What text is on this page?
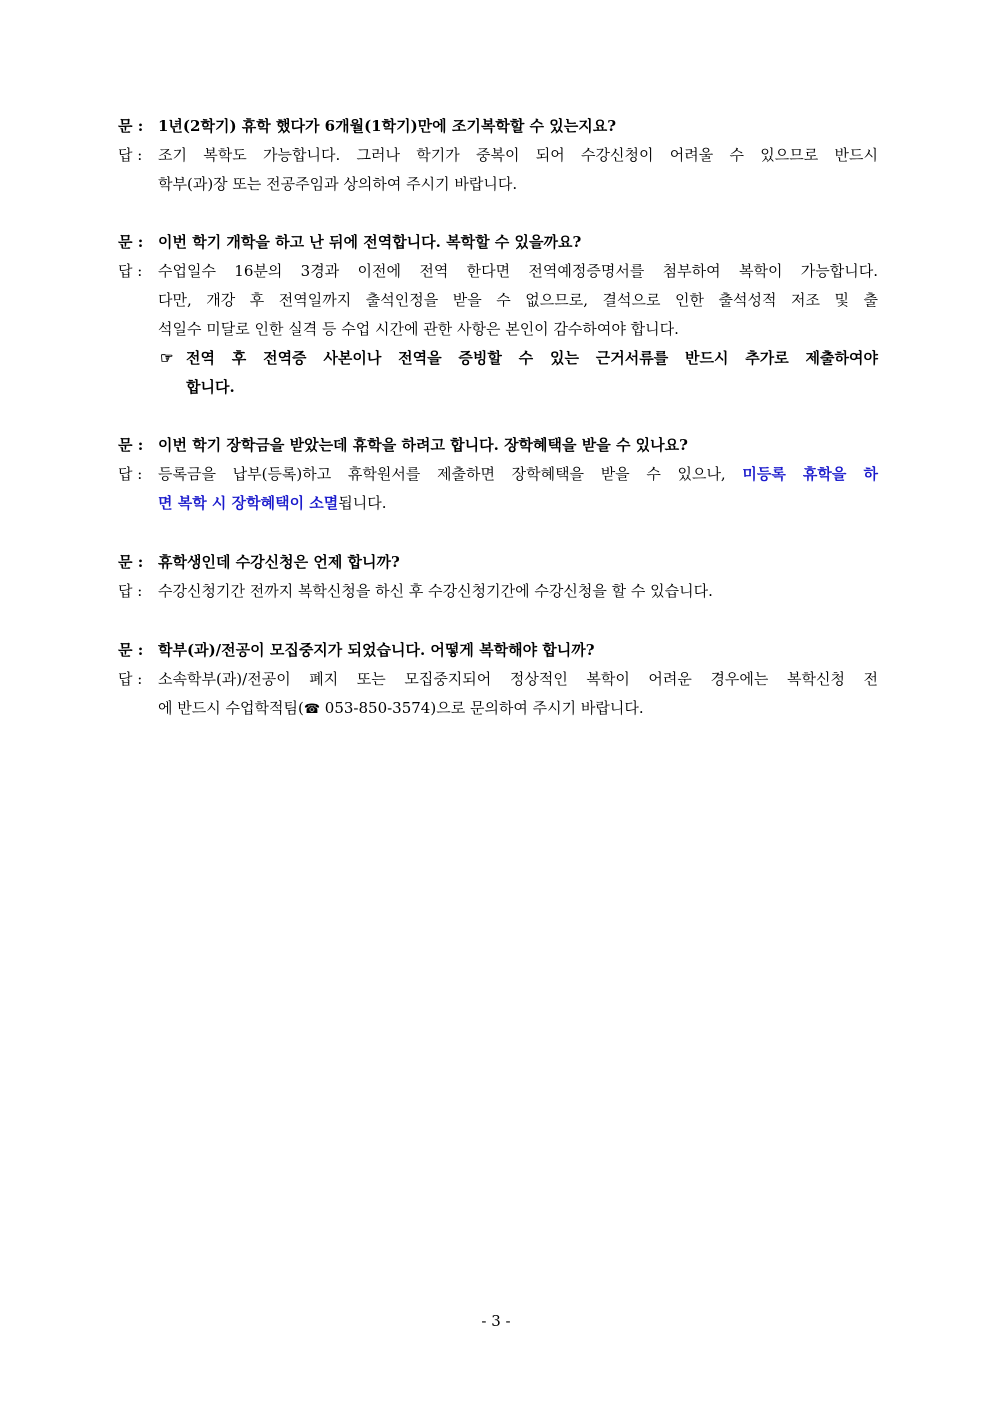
문 : 1년(2학기) 휴학 했다가 6개월(1학기)만에 조기복학할 수 있는지요?
답 :	조기 복학도 가능합니다. 그러나 학기가 중복이 되어 수강신청이 어려울 수 있으므로 반드시
학부(과)장 또는 전공주임과 상의하여 주시기 바랍니다.
문 : 이번 학기 개학을 하고 난 뒤에 전역합니다. 복학할 수 있을까요?
답 :	수업일수 16분의 3경과 이전에 전역 한다면 전역예정증명서를 첨부하여 복학이 가능합니다.
다만, 개강 후 전역일까지 출석인정을 받을 수 없으므로, 결석으로 인한 출석성적 저조 및 출
석일수 미달로 인한 실격 등 수업 시간에 관한 사항은 본인이 감수하여야 합니다.
☞ 전역 후 전역증 사본이나 전역을 증빙할 수 있는 근거서류를 반드시 추가로 제출하여야
합니다.
문 : 이번 학기 장학금을 받았는데 휴학을 하려고 합니다. 장학혜택을 받을 수 있나요?
답 :	등록금을 납부(등록)하고 휴학원서를 제출하면 장학혜택을 받을 수 있으나, 미등록 휴학을 하
면 복학 시 장학혜택이 소멸됩니다.
문 : 휴학생인데 수강신청은 언제 합니까?
답 :	수강신청기간 전까지 복학신청을 하신 후 수강신청기간에 수강신청을 할 수 있습니다.
문 : 학부(과)/전공이 모집중지가 되었습니다. 어떻게 복학해야 합니까?
답 :	소속학부(과)/전공이 폐지 또는 모집중지되어 정상적인 복학이 어려운 경우에는 복학신청 전
에 반드시 수업학적팀(☎ 053-850-3574)으로 문의하여 주시기 바랍니다.
- 3 -
